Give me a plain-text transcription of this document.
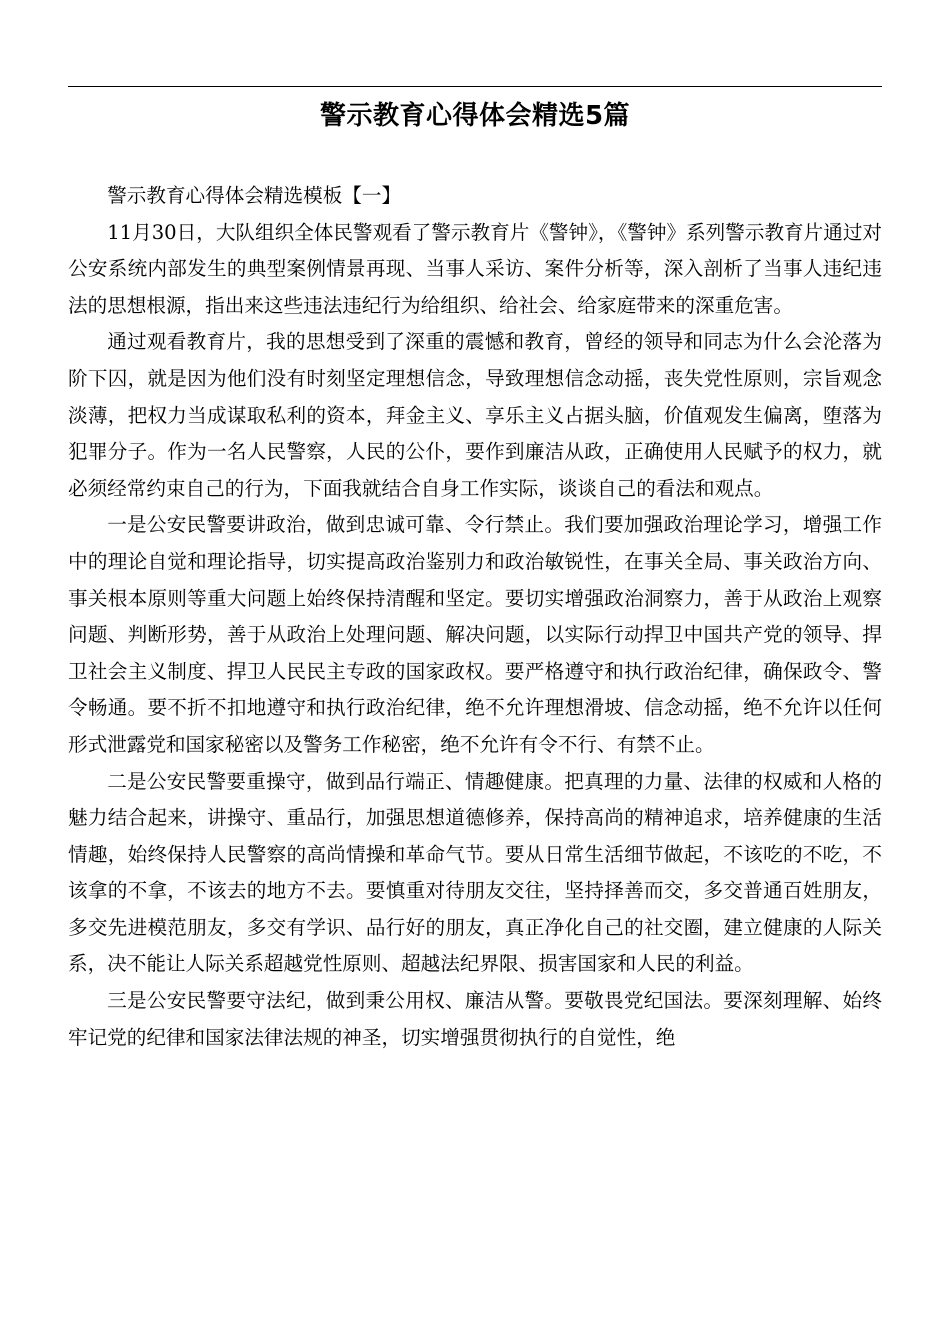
警示教育心得体会精选5篇

警示教育心得体会精选模板【一】

11月30日，大队组织全体民警观看了警示教育片《警钟》，《警钟》系列警示教育片通过对公安系统内部发生的典型案例情景再现、当事人采访、案件分析等，深入剖析了当事人违纪违法的思想根源，指出来这些违法违纪行为给组织、给社会、给家庭带来的深重危害。

通过观看教育片，我的思想受到了深重的震憾和教育，曾经的领导和同志为什么会沦落为阶下囚，就是因为他们没有时刻坚定理想信念，导致理想信念动摇，丧失党性原则，宗旨观念淡薄，把权力当成谋取私利的资本，拜金主义、享乐主义占据头脑，价值观发生偏离，堕落为犯罪分子。作为一名人民警察，人民的公仆，要作到廉洁从政，正确使用人民赋予的权力，就必须经常约束自己的行为，下面我就结合自身工作实际，谈谈自己的看法和观点。

一是公安民警要讲政治，做到忠诚可靠、令行禁止。我们要加强政治理论学习，增强工作中的理论自觉和理论指导，切实提高政治鉴别力和政治敏锐性，在事关全局、事关政治方向、事关根本原则等重大问题上始终保持清醒和坚定。要切实增强政治洞察力，善于从政治上观察问题、判断形势，善于从政治上处理问题、解决问题，以实际行动捍卫中国共产党的领导、捍卫社会主义制度、捍卫人民民主专政的国家政权。要严格遵守和执行政治纪律，确保政令、警令畅通。要不折不扣地遵守和执行政治纪律，绝不允许理想滑坡、信念动摇，绝不允许以任何形式泄露党和国家秘密以及警务工作秘密，绝不允许有令不行、有禁不止。

二是公安民警要重操守，做到品行端正、情趣健康。把真理的力量、法律的权威和人格的魅力结合起来，讲操守、重品行，加强思想道德修养，保持高尚的精神追求，培养健康的生活情趣，始终保持人民警察的高尚情操和革命气节。要从日常生活细节做起，不该吃的不吃，不该拿的不拿，不该去的地方不去。要慎重对待朋友交往，坚持择善而交，多交普通百姓朋友，多交先进模范朋友，多交有学识、品行好的朋友，真正净化自己的社交圈，建立健康的人际关系，决不能让人际关系超越党性原则、超越法纪界限、损害国家和人民的利益。

三是公安民警要守法纪，做到秉公用权、廉洁从警。要敬畏党纪国法。要深刻理解、始终牢记党的纪律和国家法律法规的神圣，切实增强贯彻执行的自觉性，绝
